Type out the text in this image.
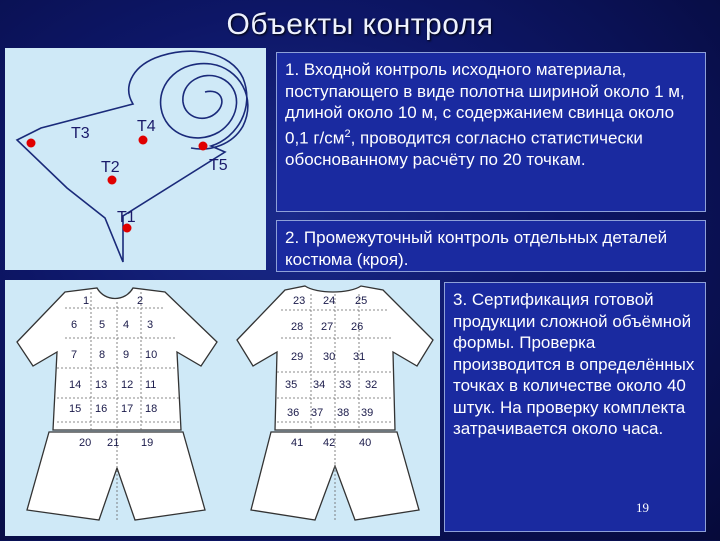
Объекты контроля
Т3	Т4
Т2	Т5
Т1
1	2
6 5 4 3
7 8 9 10
14 13 12 11
15 16 17 18
20 21 19
23 24 25
28 27 26
29 30 31
35 34 33 32
36 37 38 39
41 42 40
1. Входной контроль исходного материала, поступающего в виде полотна шириной около 1 м, длиной около 10 м, с содержанием свинца около 0,1 $г/см^2$, проводится согласно статистически обоснованному расчёту по 20 точкам.
2. Промежуточный контроль отдельных деталей костюма (кроя).
3. Сертификация готовой продукции сложной объёмной формы. Проверка производится в определённых точках в количестве около 40 штук. На проверку комплекта затрачивается около часа.
19
